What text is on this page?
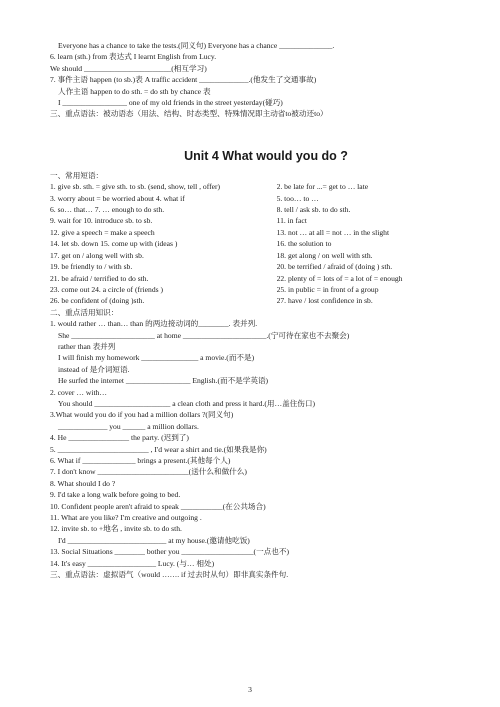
Everyone has a chance to take the tests.(同义句) Everyone has a chance ______________.
6. learn (sth.) from 表达式 I learnt English from Lucy.
We should _______________________(相互学习)
7. 事件主语 happen (to sb.)表 A traffic accident _____________.(他发生了交通事故)
人作主语 happen to do sth. = do sth by chance 表
I _________________ one of my old friends in the street yesterday(碰巧)
三、重点语法：被动语态（用法、结构、时态类型、特殊情况即主动省to被动还to）
Unit 4 What would you do ?
一、常用短语：
1. give sb. sth. = give sth. to sb. (send, show, tell , offer)	2. be late for ...= get to … late
3. worry about = be worried about 4. what if	5. too… to …
6. so… that… 7. … enough to do sth.	8. tell / ask sb. to do sth.
9. wait for 10. introduce sb. to sb.	11. in fact
12. give a speech = make a speech	13. not … at all = not … in the slight
14. let sb. down 15. come up with (ideas )	16. the solution to
17. get on / along well with sb.	18. get along / on well with sth.
19. be friendly to / with sb.	20. be terrified / afraid of (doing ) sth.
21. be afraid / terrified to do sth.	22. plenty of = lots of = a lot of = enough
23. come out 24. a circle of (friends )	25. in public = in front of a group
26. be confident of (doing )sth.	27. have / lost confidence in sb.
二、重点活用知识：
1. would rather … than… than 的两边接动词的________. 表并列.
She ______________________ at home ______________________.(宁可待在家也不去聚会)
rather than 表并列
I will finish my homework _______________ a movie.(而不是)
instead of 是介词短语.
He surfed the internet _________________ English.(而不是学英语)
2. cover … with…
You should ____________________ a clean cloth and press it hard.(用…盖住伤口)
3.What would you do if you had a million dollars ?(同义句)
_____________ you ______ a million dollars.
4. He ________________ the party. (迟到了)
5. ________________________ , I'd wear a shirt and tie.(如果我是你)
6. What if ______________ brings a present.(其他每个人)
7. I don't know ________________________(送什么和做什么)
8. What should I do ?
9. I'd take a long walk before going to bed.
10. Confident people aren't afraid to speak ___________(在公共场合)
11. What are you like? I'm creative and outgoing .
12. invite sb. to +地名 , invite sb. to do sth.
I'd __________________________ at my house.(邀请他吃饭)
13. Social Situations ________ bother you ___________________(一点也不)
14. It's easy __________________ Lucy. (与… 相处)
三、重点语法：虚拟语气（would ……. if 过去时从句）即非真实条件句.
3
